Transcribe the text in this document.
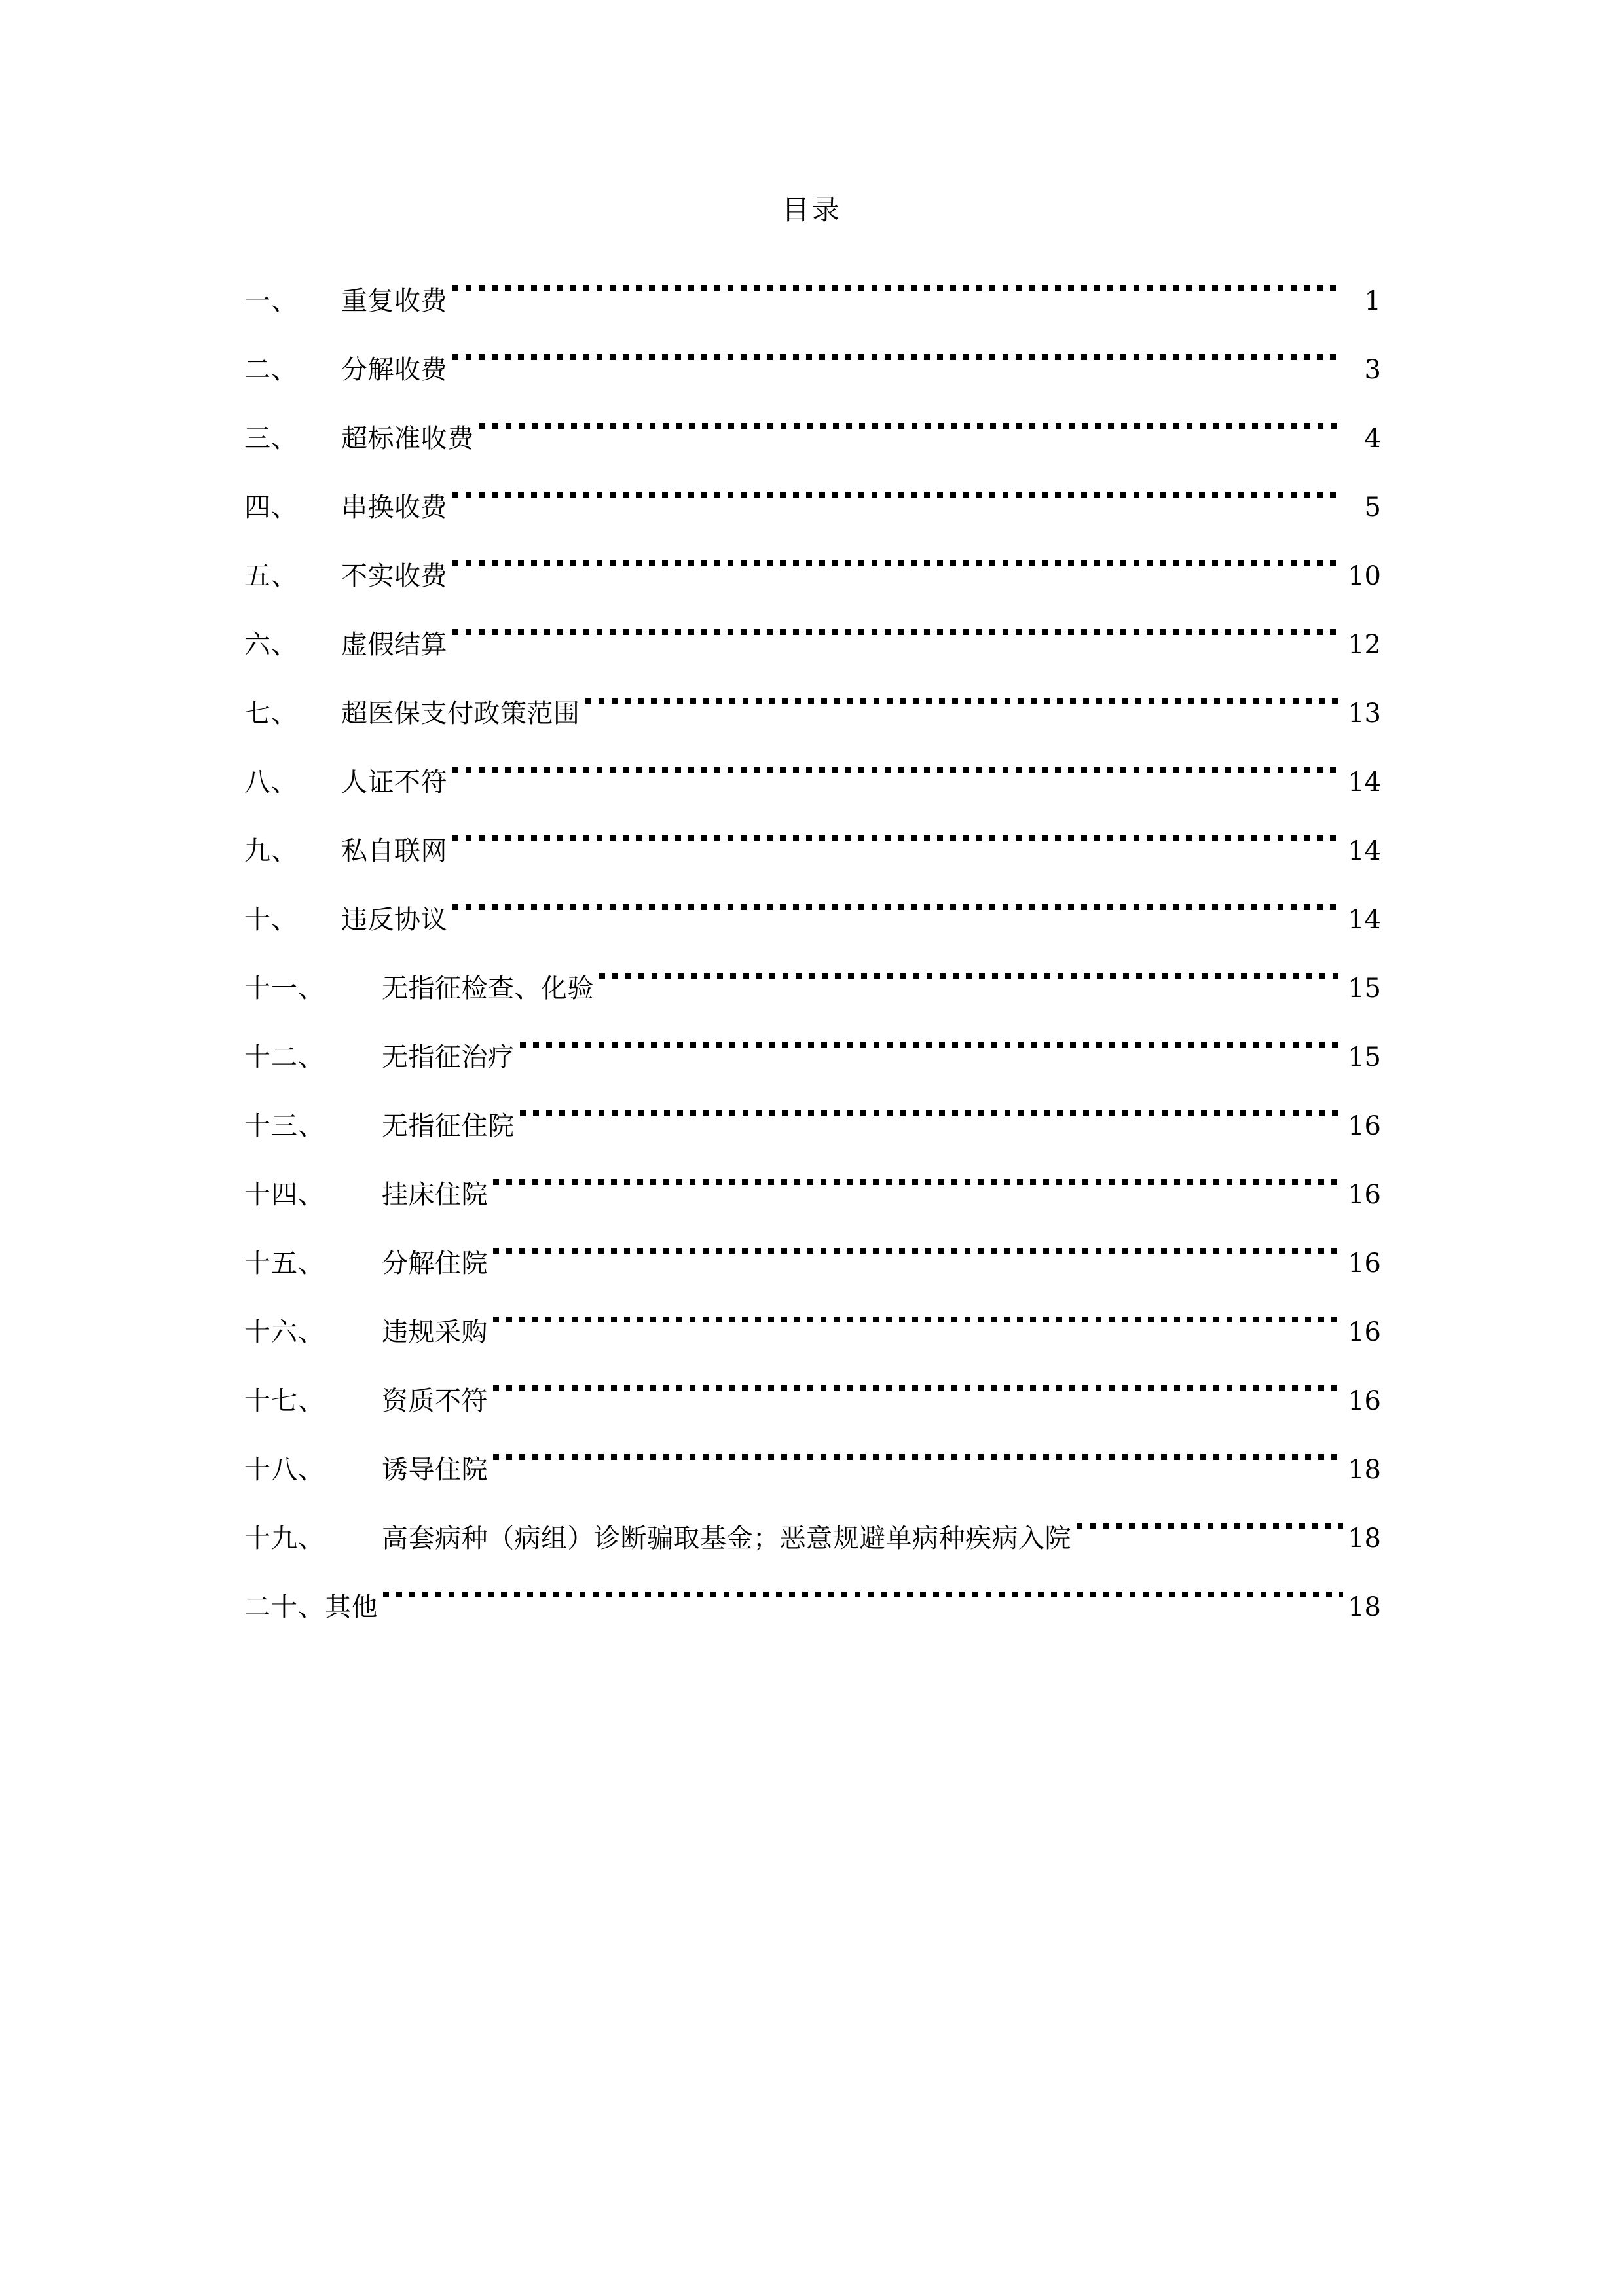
目录
一、	重复收费	1
二、	分解收费	3
三、	超标准收费	4
四、	串换收费	5
五、	不实收费	10
六、	虚假结算	12
七、	超医保支付政策范围	13
八、	人证不符	14
九、	私自联网	14
十、	违反协议	14
十一、	无指征检查、化验	15
十二、	无指征治疗	15
十三、	无指征住院	16
十四、	挂床住院	16
十五、	分解住院	16
十六、	违规采购	16
十七、	资质不符	16
十八、	诱导住院	18
十九、	高套病种（病组）诊断骗取基金；恶意规避单病种疾病入院	18
二十、 其他	18
